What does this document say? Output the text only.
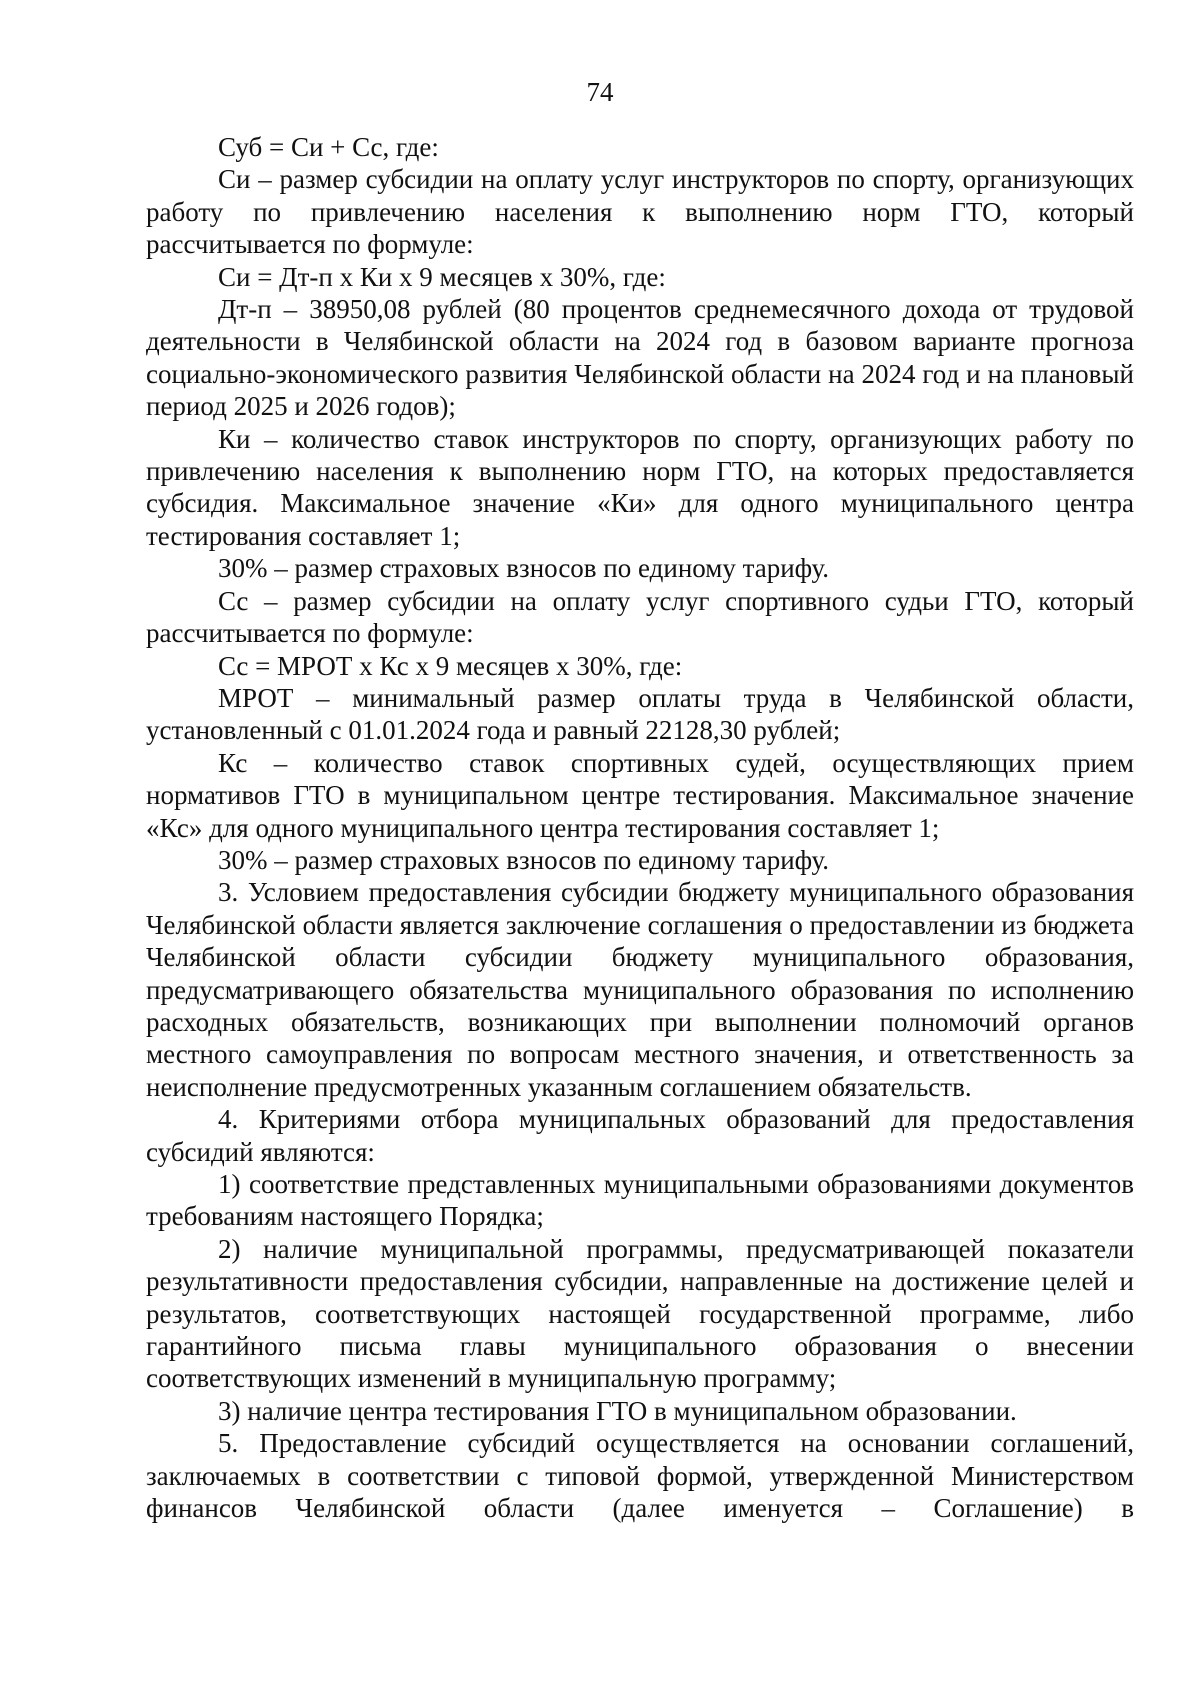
74

Суб = Си + Сс, где:

Си – размер субсидии на оплату услуг инструкторов по спорту, организующих работу по привлечению населения к выполнению норм ГТО, который рассчитывается по формуле:

Си = Дт-п х Ки х 9 месяцев х 30%, где:

Дт-п – 38950,08 рублей (80 процентов среднемесячного дохода от трудовой деятельности в Челябинской области на 2024 год в базовом варианте прогноза социально-экономического развития Челябинской области на 2024 год и на плановый период 2025 и 2026 годов);

Ки – количество ставок инструкторов по спорту, организующих работу по привлечению населения к выполнению норм ГТО, на которых предоставляется субсидия. Максимальное значение «Ки» для одного муниципального центра тестирования составляет 1;

30% – размер страховых взносов по единому тарифу.

Сс – размер субсидии на оплату услуг спортивного судьи ГТО, который рассчитывается по формуле:

Сс = МРОТ х Кс х 9 месяцев х 30%, где:

МРОТ – минимальный размер оплаты труда в Челябинской области, установленный с 01.01.2024 года и равный 22128,30 рублей;

Кс – количество ставок спортивных судей, осуществляющих прием нормативов ГТО в муниципальном центре тестирования. Максимальное значение «Кс» для одного муниципального центра тестирования составляет 1;

30% – размер страховых взносов по единому тарифу.

3. Условием предоставления субсидии бюджету муниципального образования Челябинской области является заключение соглашения о предоставлении из бюджета Челябинской области субсидии бюджету муниципального образования, предусматривающего обязательства муниципального образования по исполнению расходных обязательств, возникающих при выполнении полномочий органов местного самоуправления по вопросам местного значения, и ответственность за неисполнение предусмотренных указанным соглашением обязательств.

4. Критериями отбора муниципальных образований для предоставления субсидий являются:

1) соответствие представленных муниципальными образованиями документов требованиям настоящего Порядка;

2) наличие муниципальной программы, предусматривающей показатели результативности предоставления субсидии, направленные на достижение целей и результатов, соответствующих настоящей государственной программе, либо гарантийного письма главы муниципального образования о внесении соответствующих изменений в муниципальную программу;

3) наличие центра тестирования ГТО в муниципальном образовании.

5. Предоставление субсидий осуществляется на основании соглашений, заключаемых в соответствии с типовой формой, утвержденной Министерством финансов Челябинской области (далее именуется – Соглашение) в
